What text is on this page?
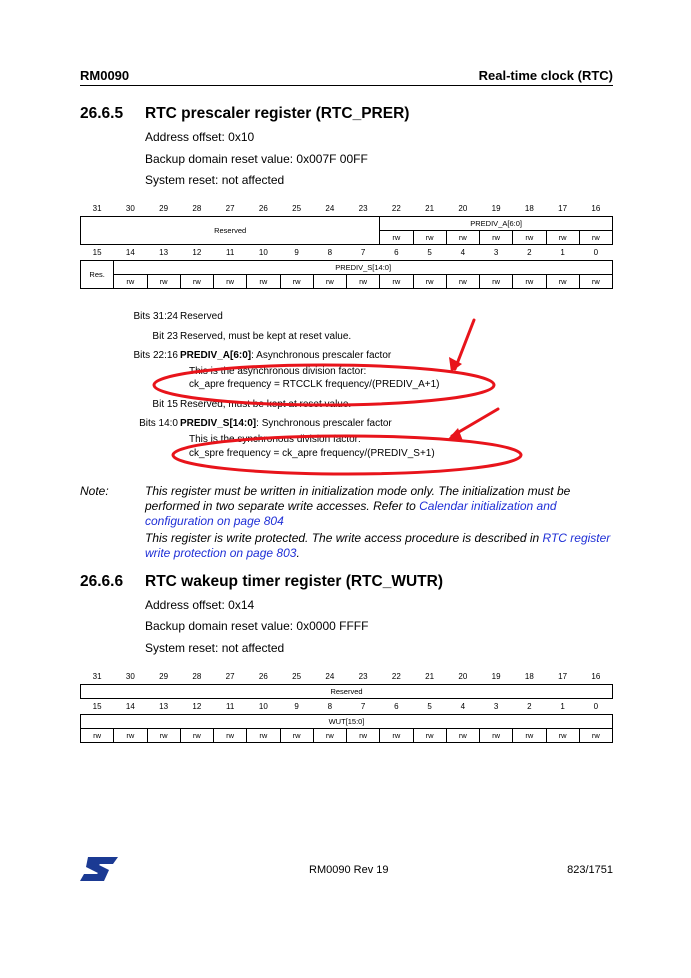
RM0090	Real-time clock (RTC)
26.6.5 RTC prescaler register (RTC_PRER)
Address offset: 0x10
Backup domain reset value: 0x007F 00FF
System reset: not affected
31	30	29	28	27	26	25	24	23	22	21	20	19	18	17	16
Reserved									PREDIV_A[6:0]						
									rw	rw	rw	rw	rw	rw	rw
15	14	13	12	11	10	9	8	7	6	5	4	3	2	1	0
Res.	PREDIV_S[14:0]														
	rw	rw	rw	rw	rw	rw	rw	rw	rw	rw	rw	rw	rw	rw	rw
Bits 31:24 Reserved
Bit 23 Reserved, must be kept at reset value.
Bits 22:16 PREDIV_A[6:0]: Asynchronous prescaler factor
This is the asynchronous division factor:
ck_apre frequency = RTCCLK frequency/(PREDIV_A+1)
Bit 15 Reserved, must be kept at reset value.
Bits 14:0 PREDIV_S[14:0]: Synchronous prescaler factor
This is the synchronous division factor:
ck_spre frequency = ck_apre frequency/(PREDIV_S+1)
Note:	This register must be written in initialization mode only. The initialization must be performed in two separate write accesses. Refer to Calendar initialization and configuration on page 804
This register is write protected. The write access procedure is described in RTC register write protection on page 803.
26.6.6 RTC wakeup timer register (RTC_WUTR)
Address offset: 0x14
Backup domain reset value: 0x0000 FFFF
System reset: not affected
31	30	29	28	27	26	25	24	23	22	21	20	19	18	17	16
Reserved															
15	14	13	12	11	10	9	8	7	6	5	4	3	2	1	0
WUT[15:0]															
rw	rw	rw	rw	rw	rw	rw	rw	rw	rw	rw	rw	rw	rw	rw	rw
RM0090 Rev 19	823/1751
